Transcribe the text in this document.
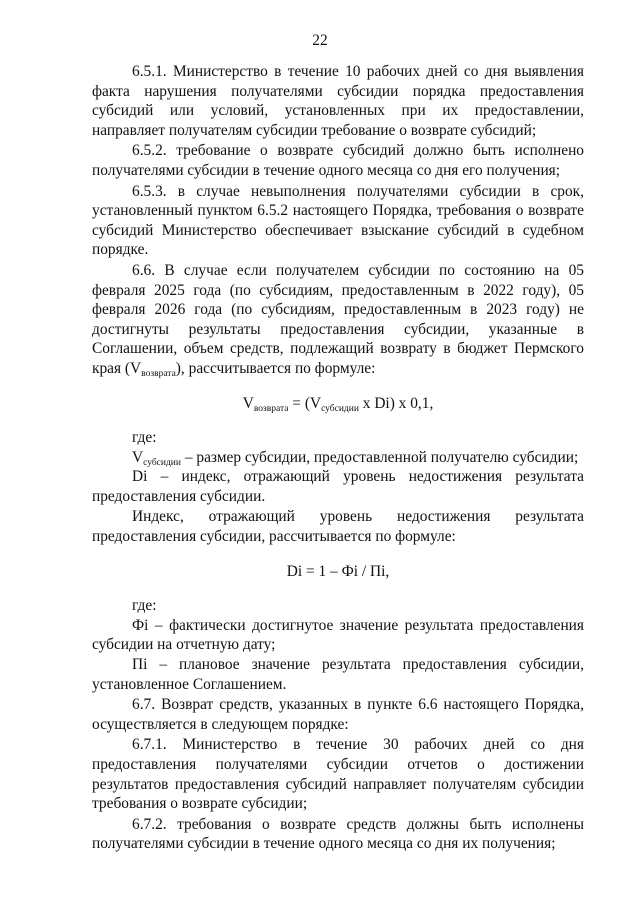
22

6.5.1. Министерство в течение 10 рабочих дней со дня выявления факта нарушения получателями субсидии порядка предоставления субсидий или условий, установленных при их предоставлении, направляет получателям субсидии требование о возврате субсидий;

6.5.2. требование о возврате субсидий должно быть исполнено получателями субсидии в течение одного месяца со дня его получения;

6.5.3. в случае невыполнения получателями субсидии в срок, установленный пунктом 6.5.2 настоящего Порядка, требования о возврате субсидий Министерство обеспечивает взыскание субсидий в судебном порядке.

6.6. В случае если получателем субсидии по состоянию на 05 февраля 2025 года (по субсидиям, предоставленным в 2022 году), 05 февраля 2026 года (по субсидиям, предоставленным в 2023 году) не достигнуты результаты предоставления субсидии, указанные в Соглашении, объем средств, подлежащий возврату в бюджет Пермского края $(V_{возврата})$, рассчитывается по формуле:

$V_{возврата} = (V_{субсидии}$ x Di) x 0,1,

где:

$V_{субсидии}$ – размер субсидии, предоставленной получателю субсидии;

Di – индекс, отражающий уровень недостижения результата предоставления субсидии.

Индекс, отражающий уровень недостижения результата предоставления субсидии, рассчитывается по формуле:

Di = 1 – Фi / Пi,

где:

Фi – фактически достигнутое значение результата предоставления субсидии на отчетную дату;

Пi – плановое значение результата предоставления субсидии, установленное Соглашением.

6.7. Возврат средств, указанных в пункте 6.6 настоящего Порядка, осуществляется в следующем порядке:

6.7.1. Министерство в течение 30 рабочих дней со дня предоставления получателями субсидии отчетов о достижении результатов предоставления субсидий направляет получателям субсидии требования о возврате субсидии;

6.7.2. требования о возврате средств должны быть исполнены получателями субсидии в течение одного месяца со дня их получения;
